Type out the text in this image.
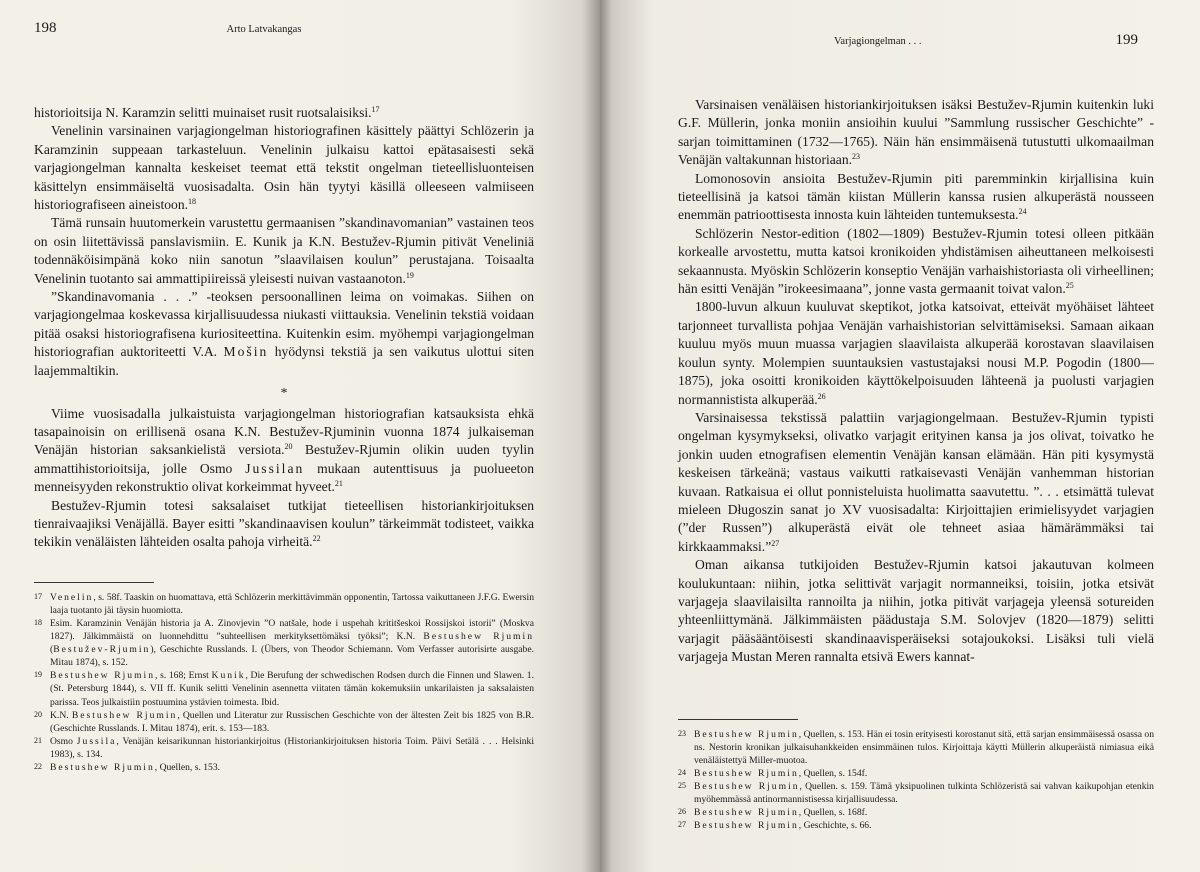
198	Arto Latvakangas

historioitsija N. Karamzin selitti muinaiset rusit ruotsalaisiksi.$^{17}$

Venelinin varsinainen varjagiongelman historiografinen käsittely päättyi Schlözerin ja Karamzinin suppeaan tarkasteluun. Venelinin julkaisu kattoi epätasaisesti sekä varjagiongelman kannalta keskeiset teemat että tekstit ongelman tieteellisluonteisen käsittelyn ensimmäiseltä vuosisadalta. Osin hän tyytyi käsillä olleeseen valmiiseen historiografiseen aineistoon.$^{18}$

Tämä runsain huutomerkein varustettu germaanisen ”skandinavomanian” vastainen teos on osin liitettävissä panslavismiin. E. Kunik ja K.N. Bestužev-Rjumin pitivät Veneliniä todennäköisimpänä koko niin sanotun ”slaavilaisen koulun” perustajana. Toisaalta Venelinin tuotanto sai ammattipiireissä yleisesti nuivan vastaanoton.$^{19}$

”Skandinavomania . . .” -teoksen persoonallinen leima on voimakas. Siihen on varjagiongelmaa koskevassa kirjallisuudessa niukasti viittauksia. Venelinin tekstiä voidaan pitää osaksi historiografisena kuriositeettina. Kuitenkin esim. myöhempi varjagiongelman historiografian auktoriteetti V.A. Mošin hyödynsi tekstiä ja sen vaikutus ulottui siten laajemmaltikin.

*

Viime vuosisadalla julkaistuista varjagiongelman historiografian katsauksista ehkä tasapainoisin on erillisenä osana K.N. Bestužev-Rjuminin vuonna 1874 julkaiseman Venäjän historian saksankielistä versiota.$^{20}$ Bestužev-Rjumin olikin uuden tyylin ammattihistorioitsija, jolle Osmo Jussilan mukaan autenttisuus ja puolueeton menneisyyden rekonstruktio olivat korkeimmat hyveet.$^{21}$

Bestužev-Rjumin totesi saksalaiset tutkijat tieteellisen historiankirjoituksen tienraivaajiksi Venäjällä. Bayer esitti ”skandinaavisen koulun” tärkeimmät todisteet, vaikka tekikin venäläisten lähteiden osalta pahoja virheitä.$^{22}$

17 Venelin, s. 58f. Taaskin on huomattava, että Schlözerin merkittävimmän opponentin, Tartossa vaikuttaneen J.F.G. Ewersin laaja tuotanto jäi täysin huomiotta.
18 Esim. Karamzinin Venäjän historia ja A. Zinovjevin ”O natšale, hode i uspehah krititšeskoi Rossijskoi istorii” (Moskva 1827). Jälkimmäistä on luonnehdittu ”suhteellisen merkityksettömäksi työksi”; K.N. Bestushew Rjumin (Bestužev-Rjumin), Geschichte Russlands. I. (Übers, von Theodor Schiemann. Vom Verfasser autorisirte ausgabe. Mitau 1874), s. 152.
19 Bestushew Rjumin, s. 168; Ernst Kunik, Die Berufung der schwedischen Rodsen durch die Finnen und Slawen. 1. (St. Petersburg 1844), s. VII ff. Kunik selitti Venelinin asennetta viitaten tämän kokemuksiin unkarilaisten ja saksalaisten parissa. Teos julkaistiin postuumina ystävien toimesta. Ibid.
20 K.N. Bestushew Rjumin, Quellen und Literatur zur Russischen Geschichte von der ältesten Zeit bis 1825 von B.R. (Geschichte Russlands. I. Mitau 1874), erit. s. 153—183.
21 Osmo Jussila, Venäjän keisarikunnan historiankirjoitus (Historiankirjoituksen historia Toim. Päivi Setälä . . . Helsinki 1983), s. 134.
22 Bestushew Rjumin, Quellen, s. 153.
Varjagiongelman . . .	199

Varsinaisen venäläisen historiankirjoituksen isäksi Bestužev-Rjumin kuitenkin luki G.F. Müllerin, jonka moniin ansioihin kuului ”Sammlung russischer Geschichte” -sarjan toimittaminen (1732—1765). Näin hän ensimmäisenä tutustutti ulkomaailman Venäjän valtakunnan historiaan.$^{23}$

Lomonosovin ansioita Bestužev-Rjumin piti paremminkin kirjallisina kuin tieteellisinä ja katsoi tämän kiistan Müllerin kanssa rusien alkuperästä nousseen enemmän patrioottisesta innosta kuin lähteiden tuntemuksesta.$^{24}$

Schlözerin Nestor-edition (1802—1809) Bestužev-Rjumin totesi olleen pitkään korkealle arvostettu, mutta katsoi kronikoiden yhdistämisen aiheuttaneen melkoisesti sekaannusta. Myöskin Schlözerin konseptio Venäjän varhaishistoriasta oli virheellinen; hän esitti Venäjän ”irokeesimaana”, jonne vasta germaanit toivat valon.$^{25}$

1800-luvun alkuun kuuluvat skeptikot, jotka katsoivat, etteivät myöhäiset lähteet tarjonneet turvallista pohjaa Venäjän varhaishistorian selvittämiseksi. Samaan aikaan kuuluu myös muun muassa varjagien slaavilaista alkuperää korostavan slaavilaisen koulun synty. Molempien suuntauksien vastustajaksi nousi M.P. Pogodin (1800—1875), joka osoitti kronikoiden käyttökelpoisuuden lähteenä ja puolusti varjagien normannistista alkuperää.$^{26}$

Varsinaisessa tekstissä palattiin varjagiongelmaan. Bestužev-Rjumin typisti ongelman kysymykseksi, olivatko varjagit erityinen kansa ja jos olivat, toivatko he jonkin uuden etnografisen elementin Venäjän kansan elämään. Hän piti kysymystä keskeisen tärkeänä; vastaus vaikutti ratkaisevasti Venäjän vanhemman historian kuvaan. Ratkaisua ei ollut ponnisteluista huolimatta saavutettu. ”. . . etsimättä tulevat mieleen Długoszin sanat jo XV vuosisadalta: Kirjoittajien erimielisyydet varjagien (”der Russen”) alkuperästä eivät ole tehneet asiaa hämärämmäksi tai kirkkaammaksi.”$^{27}$

Oman aikansa tutkijoiden Bestužev-Rjumin katsoi jakautuvan kolmeen koulukuntaan: niihin, jotka selittivät varjagit normanneiksi, toisiin, jotka etsivät varjageja slaavilaisilta rannoilta ja niihin, jotka pitivät varjageja yleensä sotureiden yhteenliittymänä. Jälkimmäisten päädustaja S.M. Solovjev (1820—1879) selitti varjagit pääsääntöisesti skandinaavisperäiseksi sotajoukoksi. Lisäksi tuli vielä varjageja Mustan Meren rannalta etsivä Ewers kannat-

23 Bestushew Rjumin, Quellen, s. 153. Hän ei tosin erityisesti korostanut sitä, että sarjan ensimmäisessä osassa on ns. Nestorin kronikan julkaisuhankkeiden ensimmäinen tulos. Kirjoittaja käytti Müllerin alkuperäistä nimiasua eikä venäläistettyä Miller-muotoa.
24 Bestushew Rjumin, Quellen, s. 154f.
25 Bestushew Rjumin, Quellen. s. 159. Tämä yksipuolinen tulkinta Schlözeristä sai vahvan kaikupohjan etenkin myöhemmässä antinormannistisessa kirjallisuudessa.
26 Bestushew Rjumin, Quellen, s. 168f.
27 Bestushew Rjumin, Geschichte, s. 66.
